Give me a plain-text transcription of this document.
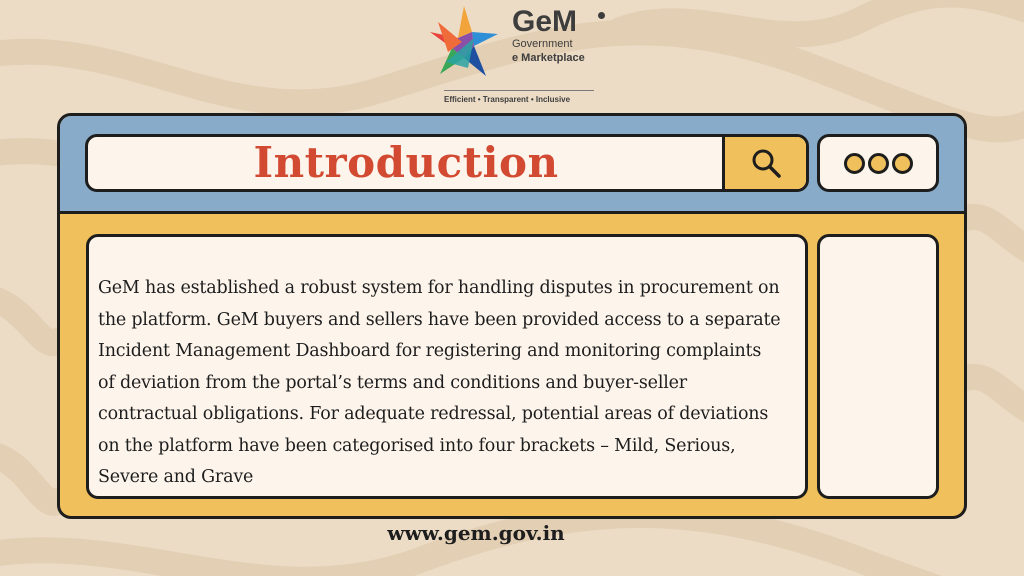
GeM
Government
e Marketplace
Efficient • Transparent • Inclusive
Introduction

GeM has established a robust system for handling disputes in procurement on the platform. GeM buyers and sellers have been provided access to a separate Incident Management Dashboard for registering and monitoring complaints of deviation from the portal’s terms and conditions and buyer-seller contractual obligations. For adequate redressal, potential areas of deviations on the platform have been categorised into four brackets – Mild, Serious, Severe and Grave

www.gem.gov.in
